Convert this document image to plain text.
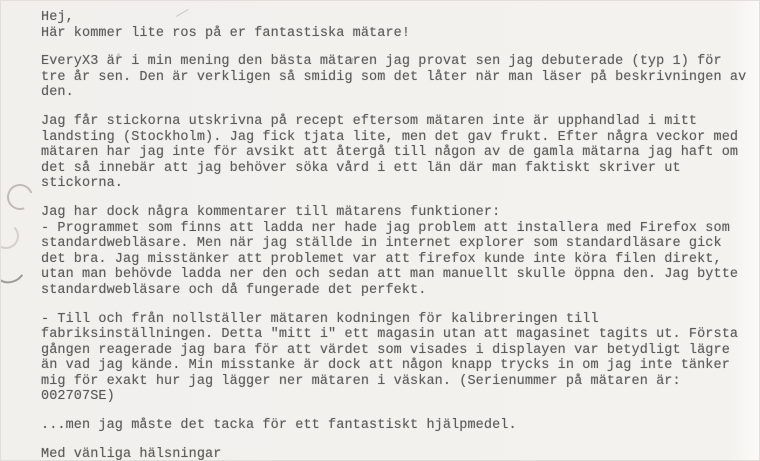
Hej,
Här kommer lite ros på er fantastiska mätare!
EveryX3 är i min mening den bästa mätaren jag provat sen jag debuterade (typ 1) för
tre år sen. Den är verkligen så smidig som det låter när man läser på beskrivningen av
den.
Jag får stickorna utskrivna på recept eftersom mätaren inte är upphandlad i mitt
landsting (Stockholm). Jag fick tjata lite, men det gav frukt. Efter några veckor med
mätaren har jag inte för avsikt att återgå till någon av de gamla mätarna jag haft om
det så innebär att jag behöver söka vård i ett län där man faktiskt skriver ut
stickorna.
Jag har dock några kommentarer till mätarens funktioner:
- Programmet som finns att ladda ner hade jag problem att installera med Firefox som
standardwebläsare. Men när jag ställde in internet explorer som standardläsare gick
det bra. Jag misstänker att problemet var att firefox kunde inte köra filen direkt,
utan man behövde ladda ner den och sedan att man manuellt skulle öppna den. Jag bytte
standardwebläsare och då fungerade det perfekt.
- Till och från nollställer mätaren kodningen för kalibreringen till
fabriksinställningen. Detta "mitt i" ett magasin utan att magasinet tagits ut. Första
gången reagerade jag bara för att värdet som visades i displayen var betydligt lägre
än vad jag kände. Min misstanke är dock att någon knapp trycks in om jag inte tänker
mig för exakt hur jag lägger ner mätaren i väskan. (Serienummer på mätaren är:
002707SE)
...men jag måste det tacka för ett fantastiskt hjälpmedel.
Med vänliga hälsningar
